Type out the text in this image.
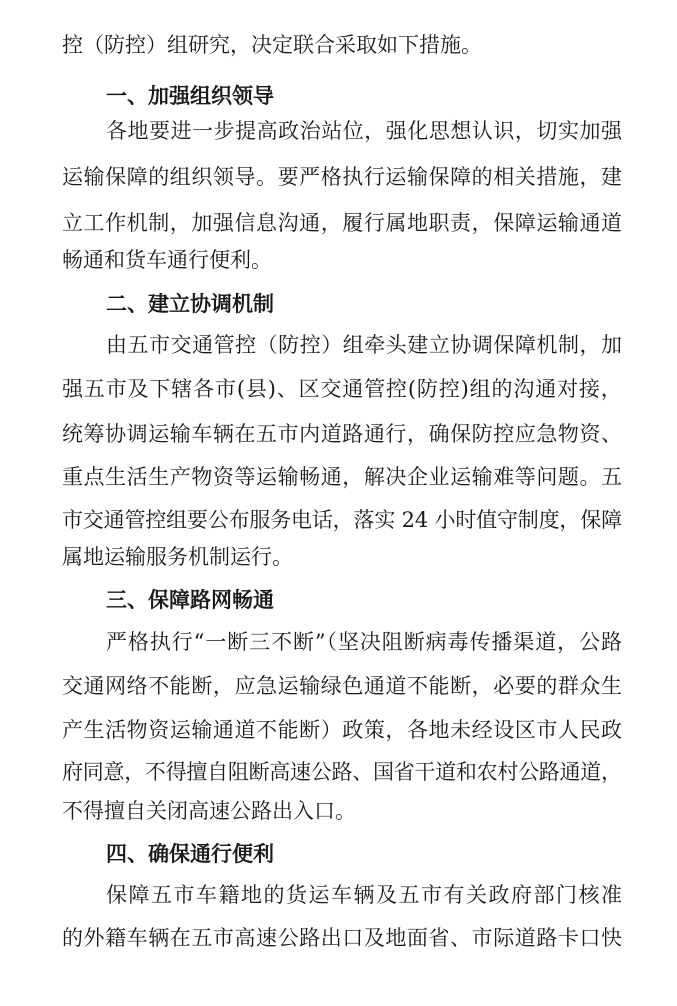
控（防控）组研究，决定联合采取如下措施。
一、加强组织领导
各地要进一步提高政治站位，强化思想认识，切实加强
运输保障的组织领导。要严格执行运输保障的相关措施，建
立工作机制，加强信息沟通，履行属地职责，保障运输通道
畅通和货车通行便利。
二、建立协调机制
由五市交通管控（防控）组牵头建立协调保障机制，加
强五市及下辖各市(县)、区交通管控(防控)组的沟通对接，
统筹协调运输车辆在五市内道路通行，确保防控应急物资、
重点生活生产物资等运输畅通，解决企业运输难等问题。五
市交通管控组要公布服务电话，落实 24 小时值守制度，保障
属地运输服务机制运行。
三、保障路网畅通
严格执行“一断三不断”（坚决阻断病毒传播渠道，公路
交通网络不能断，应急运输绿色通道不能断，必要的群众生
产生活物资运输通道不能断）政策，各地未经设区市人民政
府同意，不得擅自阻断高速公路、国省干道和农村公路通道，
不得擅自关闭高速公路出入口。
四、确保通行便利
保障五市车籍地的货运车辆及五市有关政府部门核准
的外籍车辆在五市高速公路出口及地面省、市际道路卡口快
